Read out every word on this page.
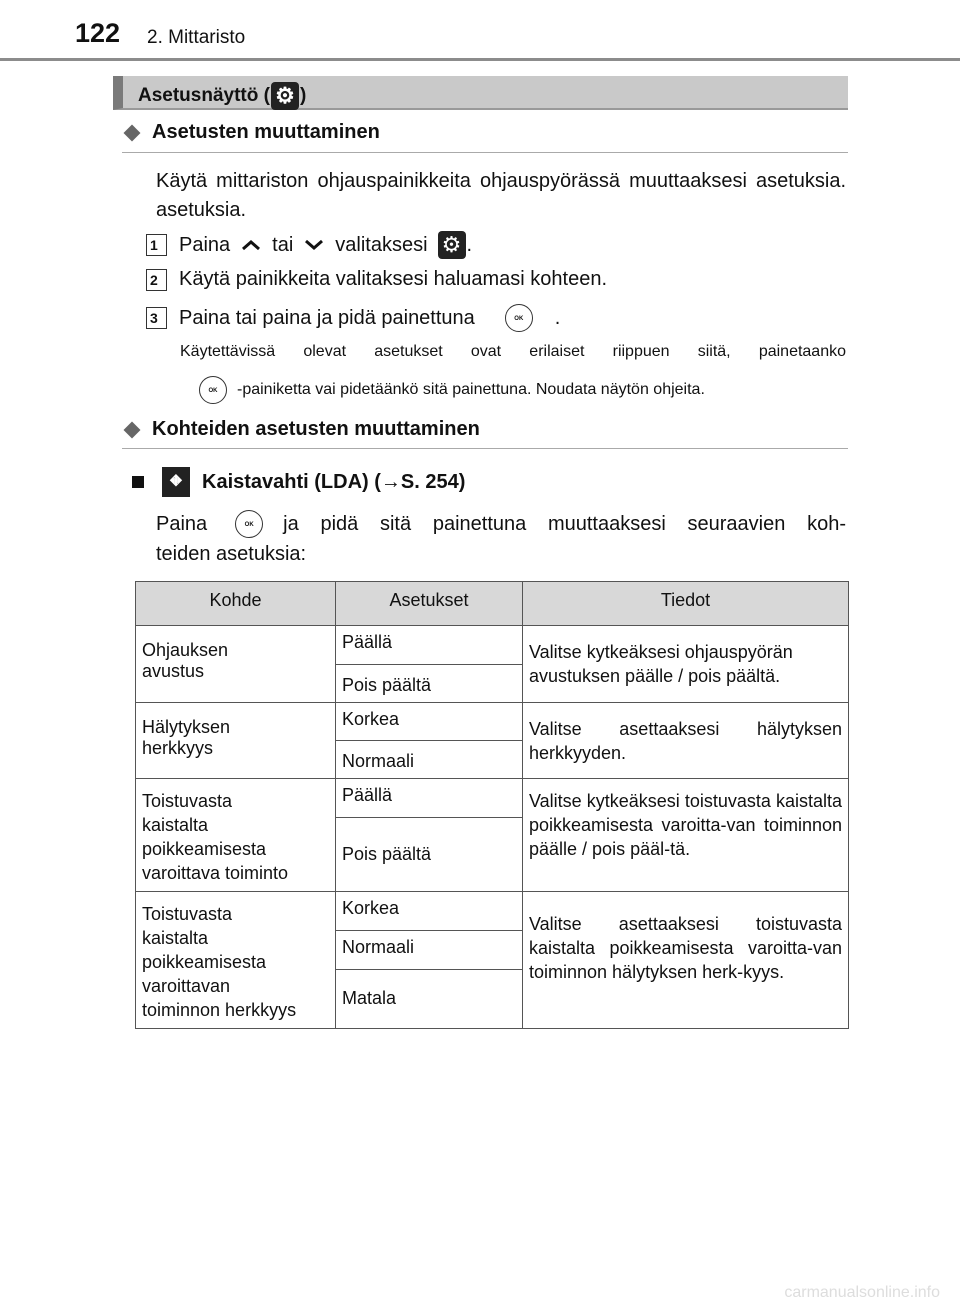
122 2. Mittaristo
Asetusnäyttö ( ⚙ )
Asetusten muuttaminen
Käytä mittariston ohjauspainikkeita ohjauspyörässä muuttaaksesi asetuksia.
asetuksia.
1	Paina tai valitaksesi ⚙ .
2	Käytä painikkeita valitaksesi haluamasi kohteen.
3	Paina tai paina ja pidä painettuna	OK	.
Käytettävissä olevat asetukset ovat erilaiset riippuen siitä, painetaanko
OK	-painiketta vai pidetäänkö sitä painettuna. Noudata näytön ohjeita.
Kohteiden asetusten muuttaminen
⛖ Kaistavahti (LDA) (→S. 254)
Paina	OK	ja pidä sitä painettuna muuttaaksesi seuraavien koh-
teiden asetuksia:
Kohde	Asetukset	Tiedot
Ohjauksen
avustus	Päällä	Valitse kytkeäksesi ohjauspyörän avustuksen päälle / pois päältä.
	Pois päältä	
Hälytyksen
herkkyys	Korkea	Valitse asettaaksesi hälytyksen herkkyyden.
	Normaali	
Toistuvasta
kaistalta
poikkeamisesta
varoittava toiminto	Päällä	Valitse kytkeäksesi toistuvasta kaistalta poikkeamisesta varoitta-van toiminnon päälle / pois pääl-tä.
	Pois päältä	
Toistuvasta
kaistalta
poikkeamisesta
varoittavan
toiminnon herkkyys	Korkea	Valitse asettaaksesi toistuvasta kaistalta poikkeamisesta varoitta-van toiminnon hälytyksen herk-kyys.
	Normaali	
	Matala	
carmanualsonline.info
